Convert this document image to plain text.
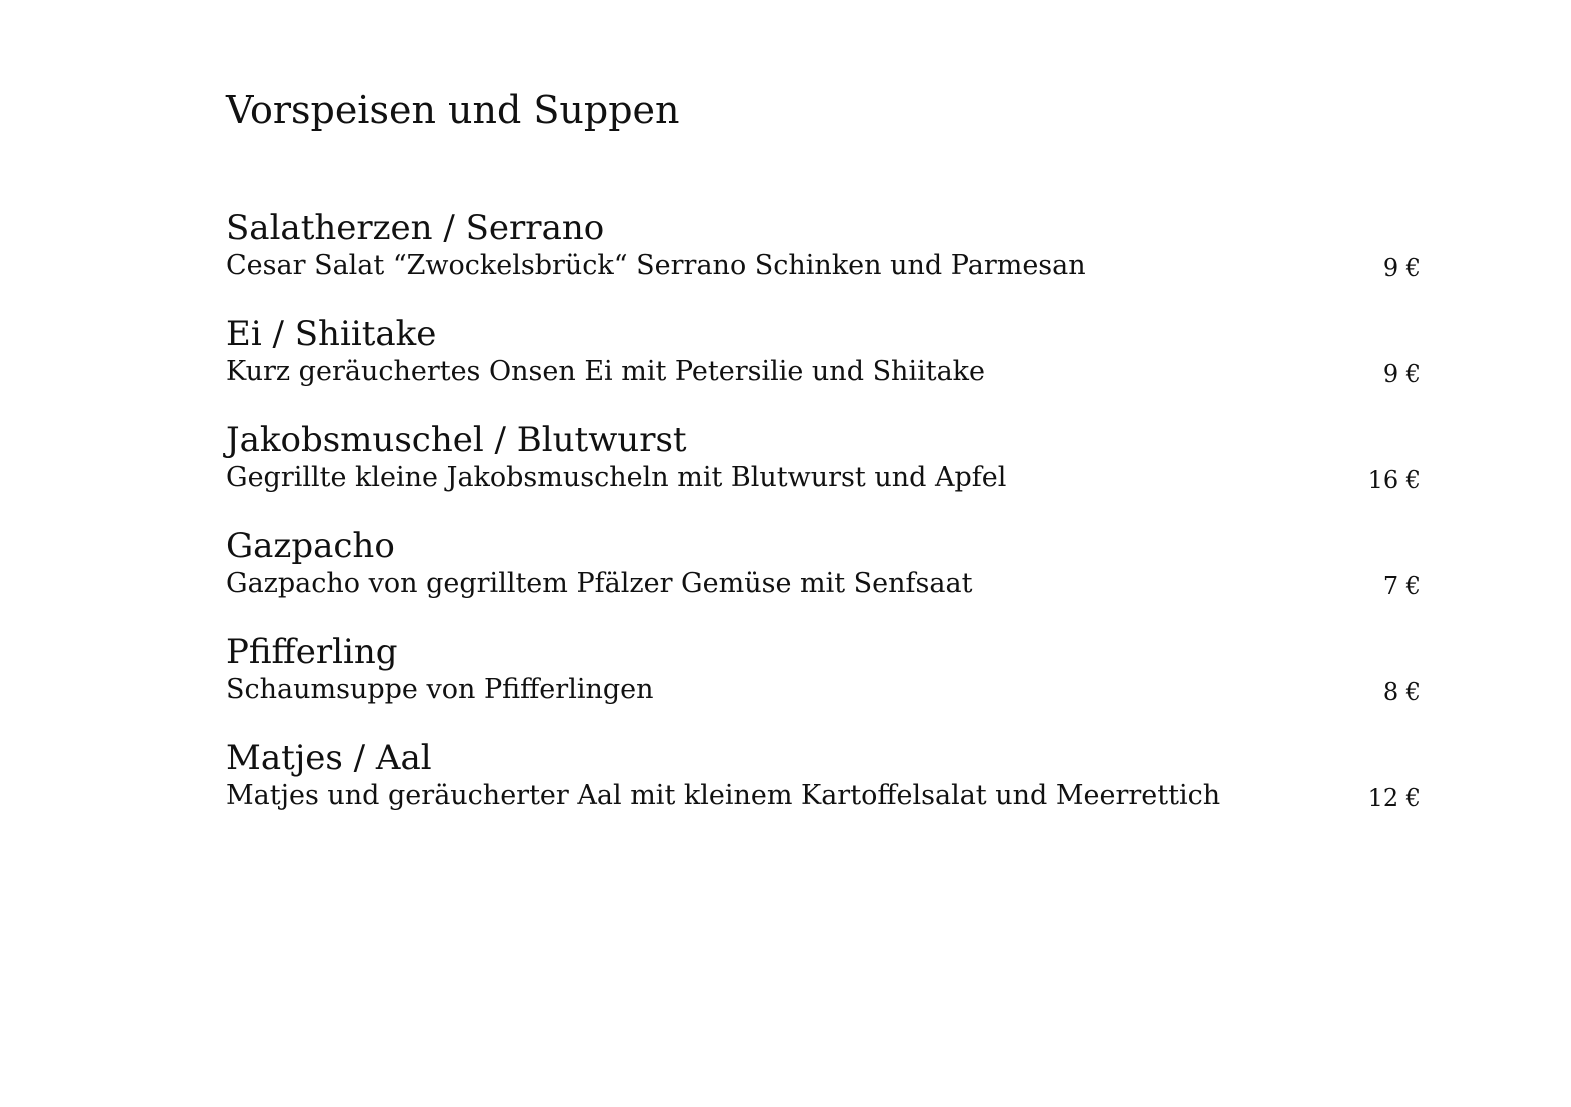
Vorspeisen und Suppen
Salatherzen / Serrano
Cesar Salat “Zwockelsbrück“ Serrano Schinken und Parmesan	9 €
Ei / Shiitake
Kurz geräuchertes Onsen Ei mit Petersilie und Shiitake	9 €
Jakobsmuschel / Blutwurst
Gegrillte kleine Jakobsmuscheln mit Blutwurst und Apfel	16 €
Gazpacho
Gazpacho von gegrilltem Pfälzer Gemüse mit Senfsaat	7 €
Pfifferling
Schaumsuppe von Pfifferlingen	8 €
Matjes / Aal
Matjes und geräucherter Aal mit kleinem Kartoffelsalat und Meerrettich	12 €
